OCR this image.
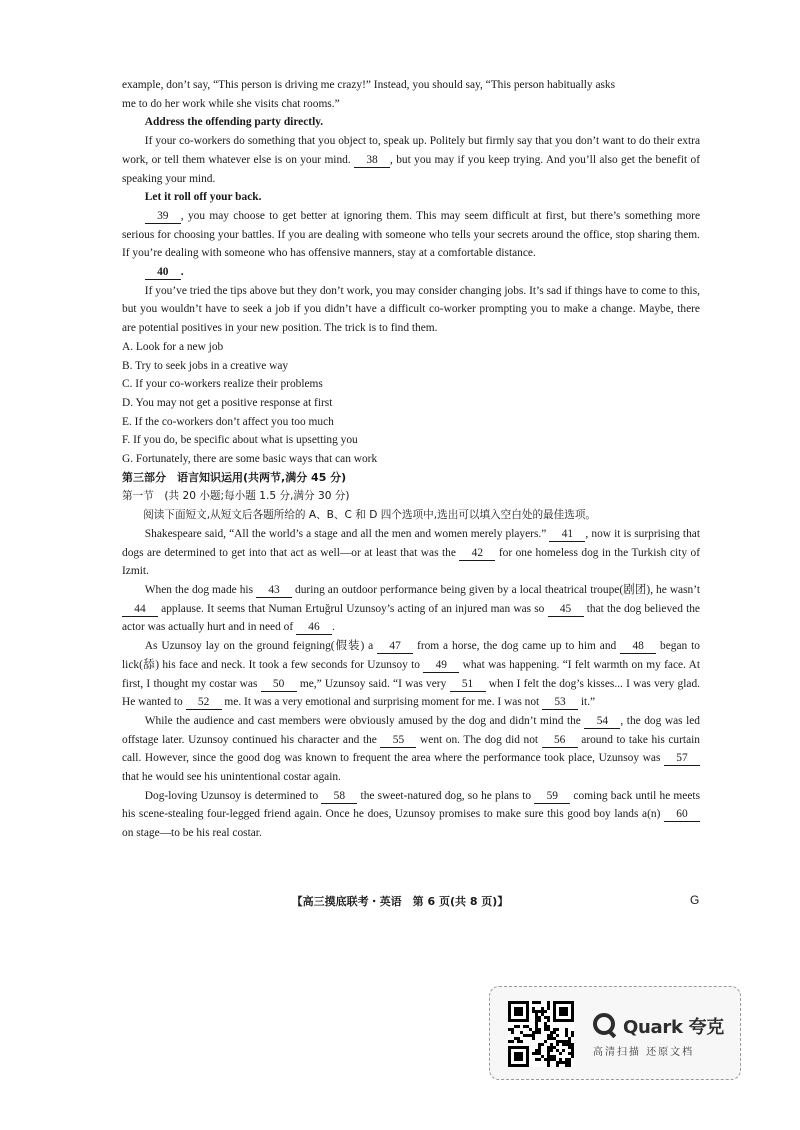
example, don’t say, “This person is driving me crazy!” Instead, you should say, “This person habitually asks

me to do her work while she visits chat rooms.”

Address the offending party directly.

If your co-workers do something that you object to, speak up. Politely but firmly say that you don’t want to do their extra work, or tell them whatever else is on your mind. 38 , but you may if you keep trying. And you’ll also get the benefit of speaking your mind.

Let it roll off your back.

39 , you may choose to get better at ignoring them. This may seem difficult at first, but there’s something more serious for choosing your battles. If you are dealing with someone who tells your secrets around the office, stop sharing them. If you’re dealing with someone who has offensive manners, stay at a comfortable distance.

40 .

If you’ve tried the tips above but they don’t work, you may consider changing jobs. It’s sad if things have to come to this, but you wouldn’t have to seek a job if you didn’t have a difficult co-worker prompting you to make a change. Maybe, there are potential positives in your new position. The trick is to find them.

A. Look for a new job

B. Try to seek jobs in a creative way

C. If your co-workers realize their problems

D. You may not get a positive response at first

E. If the co-workers don’t affect you too much

F. If you do, be specific about what is upsetting you

G. Fortunately, there are some basic ways that can work

第三部分　语言知识运用(共两节,满分 45 分)

第一节　(共 20 小题;每小题 1.5 分,满分 30 分)

阅读下面短文,从短文后各题所给的 A、B、C 和 D 四个选项中,选出可以填入空白处的最佳选项。

Shakespeare said, “All the world’s a stage and all the men and women merely players.” 41 , now it is surprising that dogs are determined to get into that act as well—or at least that was the 42 for one homeless dog in the Turkish city of Izmit.

When the dog made his 43 during an outdoor performance being given by a local theatrical troupe(剧团), he wasn’t 44 applause. It seems that Numan Ertuğrul Uzunsoy’s acting of an injured man was so 45 that the dog believed the actor was actually hurt and in need of 46 .

As Uzunsoy lay on the ground feigning(假装) a 47 from a horse, the dog came up to him and 48 began to lick(舔) his face and neck. It took a few seconds for Uzunsoy to 49 what was happening. “I felt warmth on my face. At first, I thought my costar was 50 me,” Uzunsoy said. “I was very 51 when I felt the dog’s kisses... I was very glad. He wanted to 52 me. It was a very emotional and surprising moment for me. I was not 53 it.”

While the audience and cast members were obviously amused by the dog and didn’t mind the 54 , the dog was led offstage later. Uzunsoy continued his character and the 55 went on. The dog did not 56 around to take his curtain call. However, since the good dog was known to frequent the area where the performance took place, Uzunsoy was 57 that he would see his unintentional costar again.

Dog-loving Uzunsoy is determined to 58 the sweet-natured dog, so he plans to 59 coming back until he meets his scene-stealing four-legged friend again. Once he does, Uzunsoy promises to make sure this good boy lands a(n) 60 on stage—to be his real costar.

【高三摸底联考・英语　第 6 页(共 8 页)】	G
Quark 夸克
高清扫描 还原文档
